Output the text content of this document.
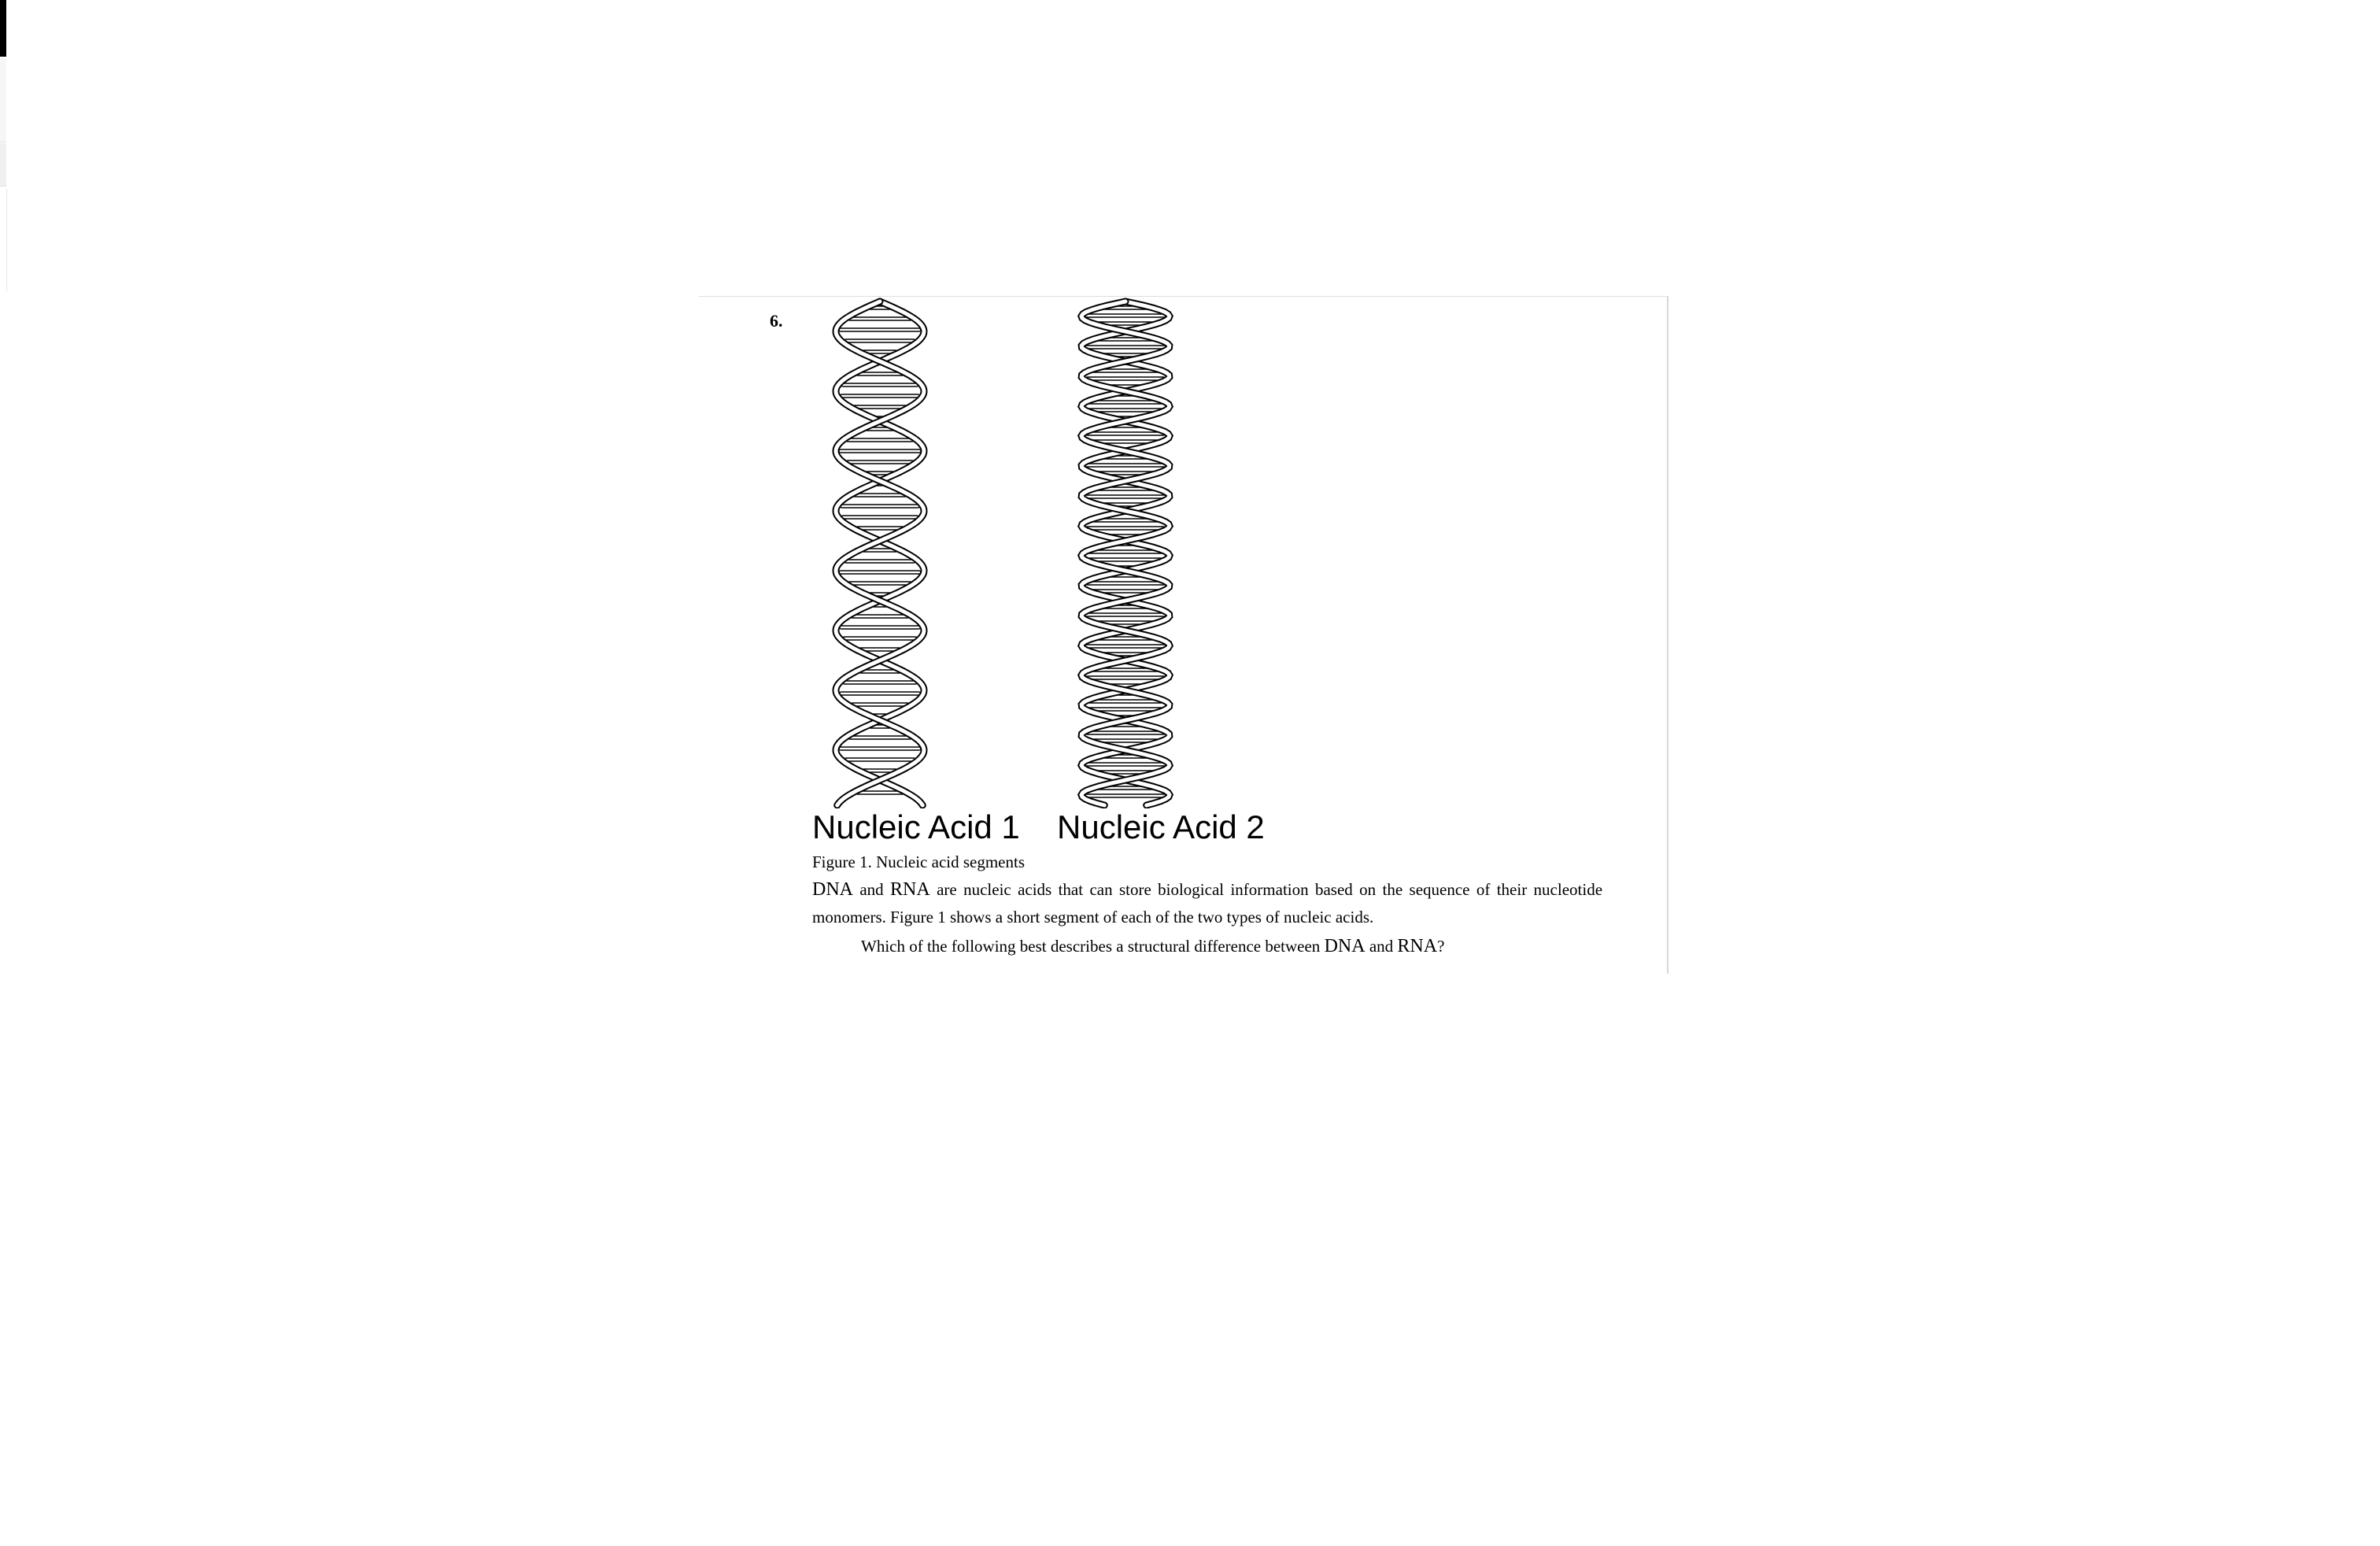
6.
Nucleic Acid 1 Nucleic Acid 2
Figure 1. Nucleic acid segments
DNA and RNA are nucleic acids that can store biological information based on the sequence of their nucleotide monomers. Figure 1 shows a short segment of each of the two types of nucleic acids.
Which of the following best describes a structural difference between DNA and RNA?
